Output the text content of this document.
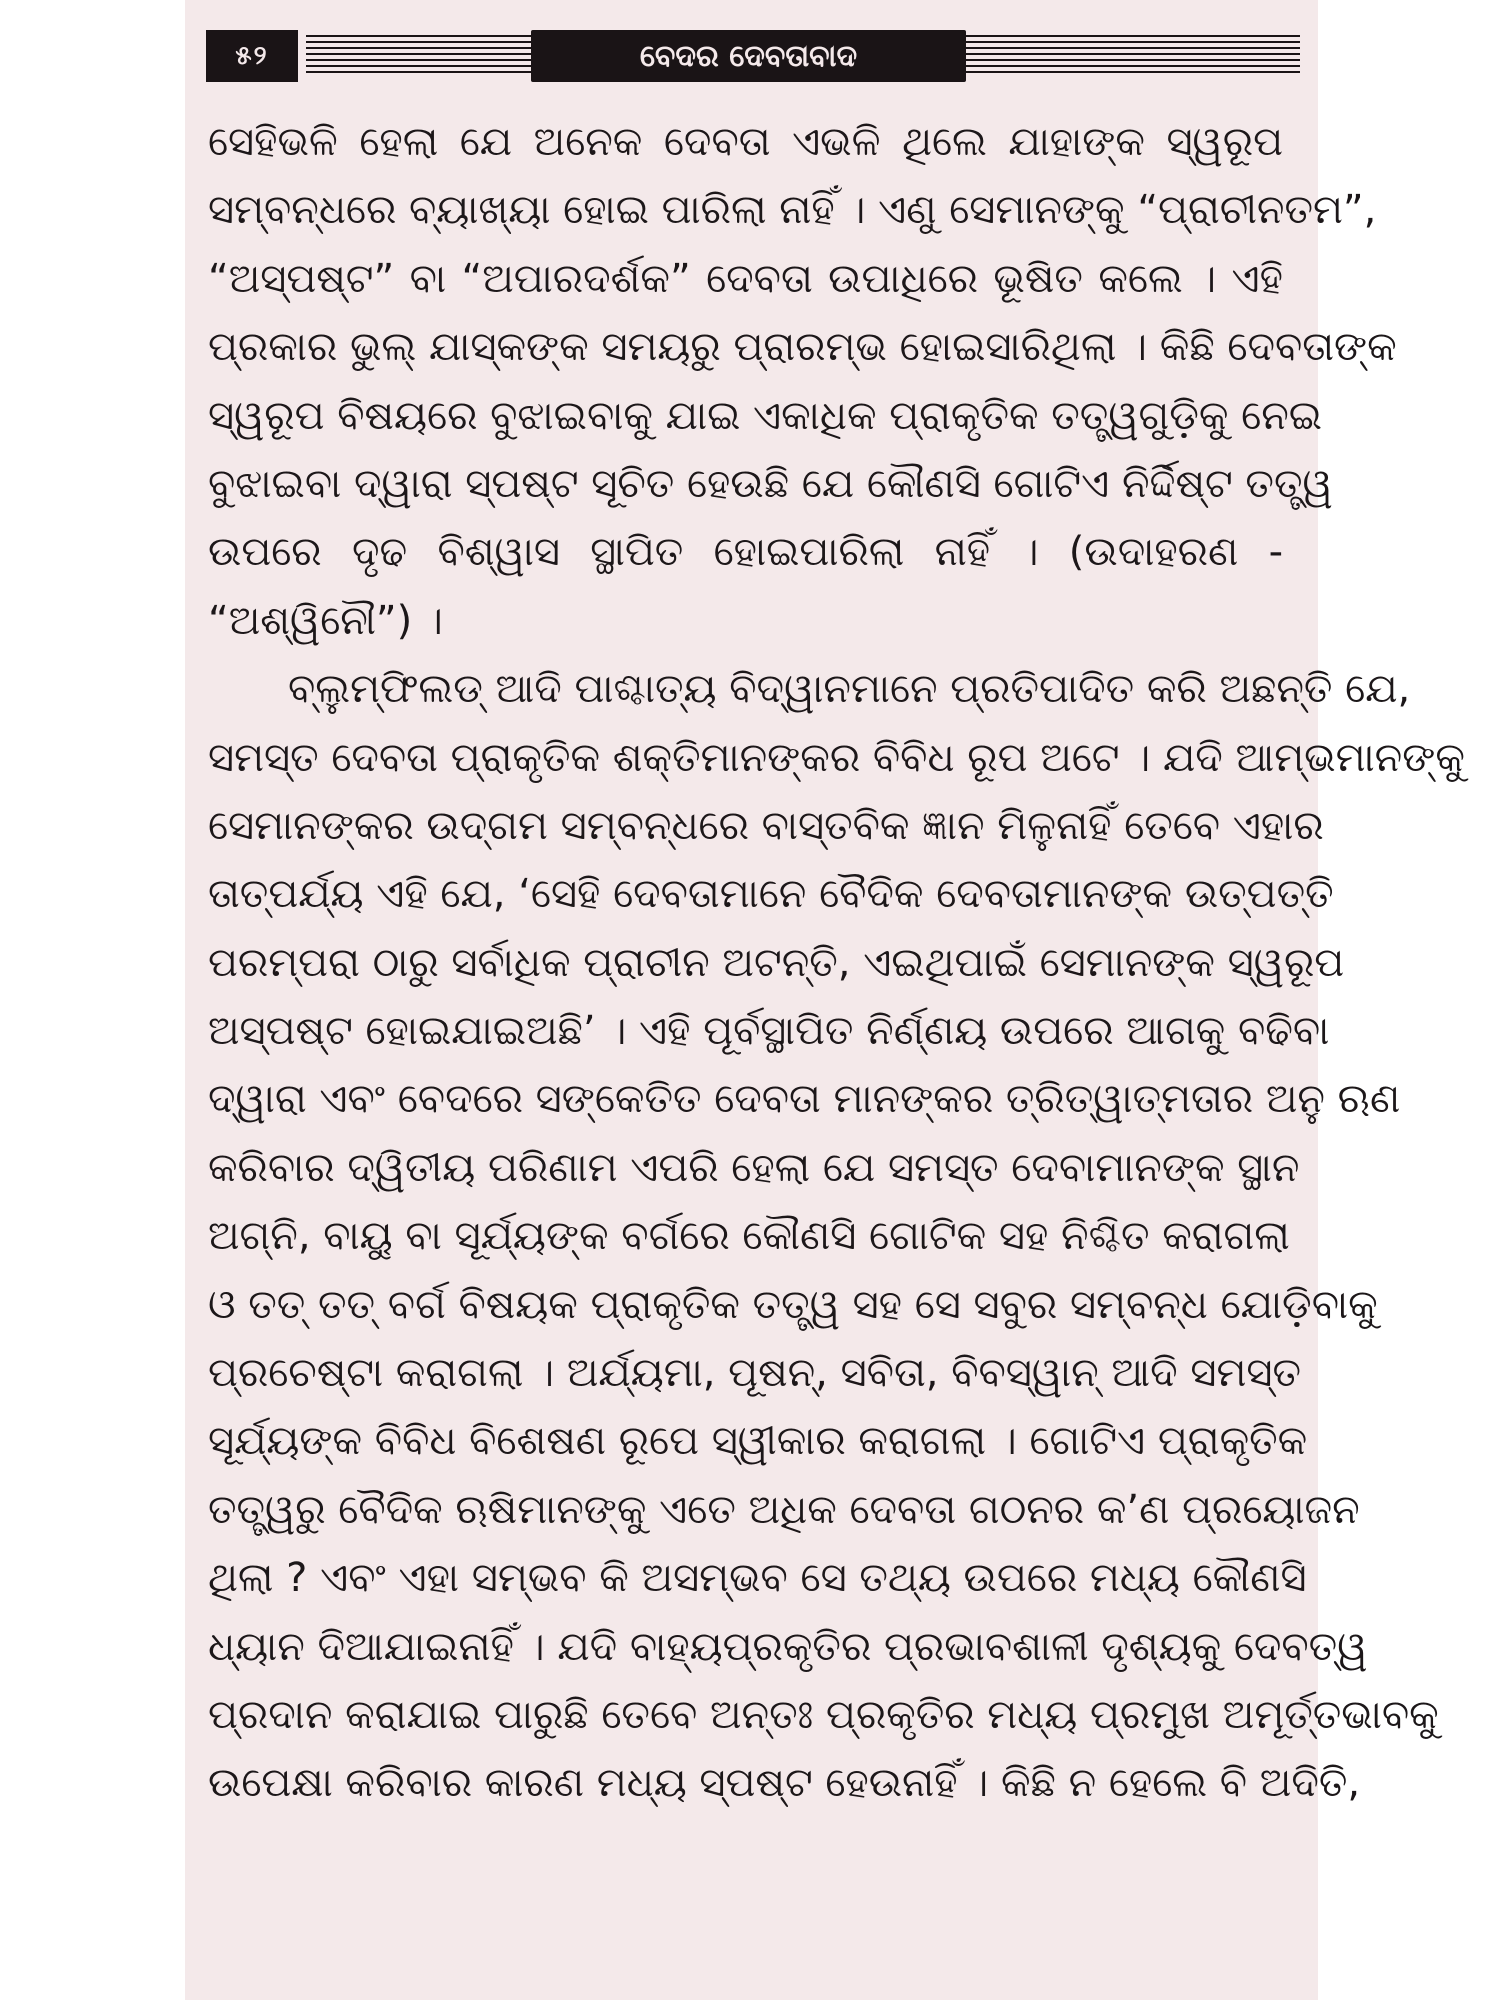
୫୨	ବେଦର ଦେବତାବାଦ
ସେହିଭଳି ହେଲା ଯେ ଅନେକ ଦେବତା ଏଭଳି ଥିଲେ ଯାହାଙ୍କ ସ୍ୱରୂପ
ସମ୍ବନ୍ଧରେ ବ୍ୟାଖ୍ୟା ହୋଇ ପାରିଲା ନାହିଁ । ଏଣୁ ସେମାନଙ୍କୁ “ପ୍ରାଚୀନତମ”,
“ଅସ୍ପଷ୍ଟ” ବା “ଅପାରଦର୍ଶକ” ଦେବତା ଉପାଧିରେ ଭୂଷିତ କଲେ । ଏହି
ପ୍ରକାର ଭୁଲ୍ ଯାସ୍କଙ୍କ ସମୟରୁ ପ୍ରାରମ୍ଭ ହୋଇସାରିଥିଲା । କିଛି ଦେବତାଙ୍କ
ସ୍ୱରୂପ ବିଷୟରେ ବୁଝାଇବାକୁ ଯାଇ ଏକାଧିକ ପ୍ରାକୃତିକ ତତ୍ତ୍ୱଗୁଡ଼ିକୁ ନେଇ
ବୁଝାଇବା ଦ୍ୱାରା ସ୍ପଷ୍ଟ ସୂଚିତ ହେଉଛି ଯେ କୌଣସି ଗୋଟିଏ ନିର୍ଦ୍ଦିଷ୍ଟ ତତ୍ତ୍ୱ
ଉପରେ ଦୃଢ ବିଶ୍ୱାସ ସ୍ଥାପିତ ହୋଇପାରିଲା ନାହିଁ । (ଉଦାହରଣ -
“ଅଶ୍ୱିନୌ”) ।
ବ୍ଲୁମ୍‌ଫିଲଡ୍ ଆଦି ପାଶ୍ଚାତ୍ୟ ବିଦ୍ୱାନମାନେ ପ୍ରତିପାଦିତ କରି ଅଛନ୍ତି ଯେ,
ସମସ୍ତ ଦେବତା ପ୍ରାକୃତିକ ଶକ୍ତିମାନଙ୍କର ବିବିଧ ରୂପ ଅଟେ । ଯଦି ଆମ୍ଭମାନଙ୍କୁ
ସେମାନଙ୍କର ଉଦ୍‌ଗମ ସମ୍ବନ୍ଧରେ ବାସ୍ତବିକ ଜ୍ଞାନ ମିଳୁନାହିଁ ତେବେ ଏହାର
ତାତ୍ପର୍ଯ୍ୟ ଏହି ଯେ, ‘ସେହି ଦେବତାମାନେ ବୈଦିକ ଦେବତାମାନଙ୍କ ଉତ୍ପତ୍ତି
ପରମ୍ପରା ଠାରୁ ସର୍ବାଧିକ ପ୍ରାଚୀନ ଅଟନ୍ତି, ଏଇଥିପାଇଁ ସେମାନଙ୍କ ସ୍ୱରୂପ
ଅସ୍ପଷ୍ଟ ହୋଇଯାଇଅଛି’ । ଏହି ପୂର୍ବସ୍ଥାପିତ ନିର୍ଣ୍ଣୟ ଉପରେ ଆଗକୁ ବଢିବା
ଦ୍ୱାରା ଏବଂ ବେଦରେ ସଙ୍କେତିତ ଦେବତା ମାନଙ୍କର ତ୍ରିତ୍ୱାତ୍ମତାର ଅନୁ ଋଣ
କରିବାର ଦ୍ୱିତୀୟ ପରିଣାମ ଏପରି ହେଲା ଯେ ସମସ୍ତ ଦେବାମାନଙ୍କ ସ୍ଥାନ
ଅଗ୍ନି, ବାୟୁ ବା ସୂର୍ଯ୍ୟଙ୍କ ବର୍ଗରେ କୌଣସି ଗୋଟିକ ସହ ନିଶ୍ଚିତ କରାଗଲା
ଓ ତତ୍ ତତ୍ ବର୍ଗ ବିଷୟକ ପ୍ରାକୃତିକ ତତ୍ତ୍ୱ ସହ ସେ ସବୁର ସମ୍ବନ୍ଧ ଯୋଡ଼ିବାକୁ
ପ୍ରଚେଷ୍ଟା କରାଗଲା । ଅର୍ଯ୍ୟମା, ପୂଷନ୍, ସବିତା, ବିବସ୍ୱାନ୍ ଆଦି ସମସ୍ତ
ସୂର୍ଯ୍ୟଙ୍କ ବିବିଧ ବିଶେଷଣ ରୂପେ ସ୍ୱୀକାର କରାଗଲା । ଗୋଟିଏ ପ୍ରାକୃତିକ
ତତ୍ତ୍ୱରୁ ବୈଦିକ ଋଷିମାନଙ୍କୁ ଏତେ ଅଧିକ ଦେବତା ଗଠନର କ’ଣ ପ୍ରୟୋଜନ
ଥିଲା ? ଏବଂ ଏହା ସମ୍ଭବ କି ଅସମ୍ଭବ ସେ ତଥ୍ୟ ଉପରେ ମଧ୍ୟ କୌଣସି
ଧ୍ୟାନ ଦିଆଯାଇନାହିଁ । ଯଦି ବାହ୍ୟପ୍ରକୃତିର ପ୍ରଭାବଶାଳୀ ଦୃଶ୍ୟକୁ ଦେବତ୍ୱ
ପ୍ରଦାନ କରାଯାଇ ପାରୁଛି ତେବେ ଅନ୍ତଃ ପ୍ରକୃତିର ମଧ୍ୟ ପ୍ରମୁଖ ଅମୂର୍ତ୍ତଭାବକୁ
ଉପେକ୍ଷା କରିବାର କାରଣ ମଧ୍ୟ ସ୍ପଷ୍ଟ ହେଉନାହିଁ । କିଛି ନ ହେଲେ ବି ଅଦିତି,
